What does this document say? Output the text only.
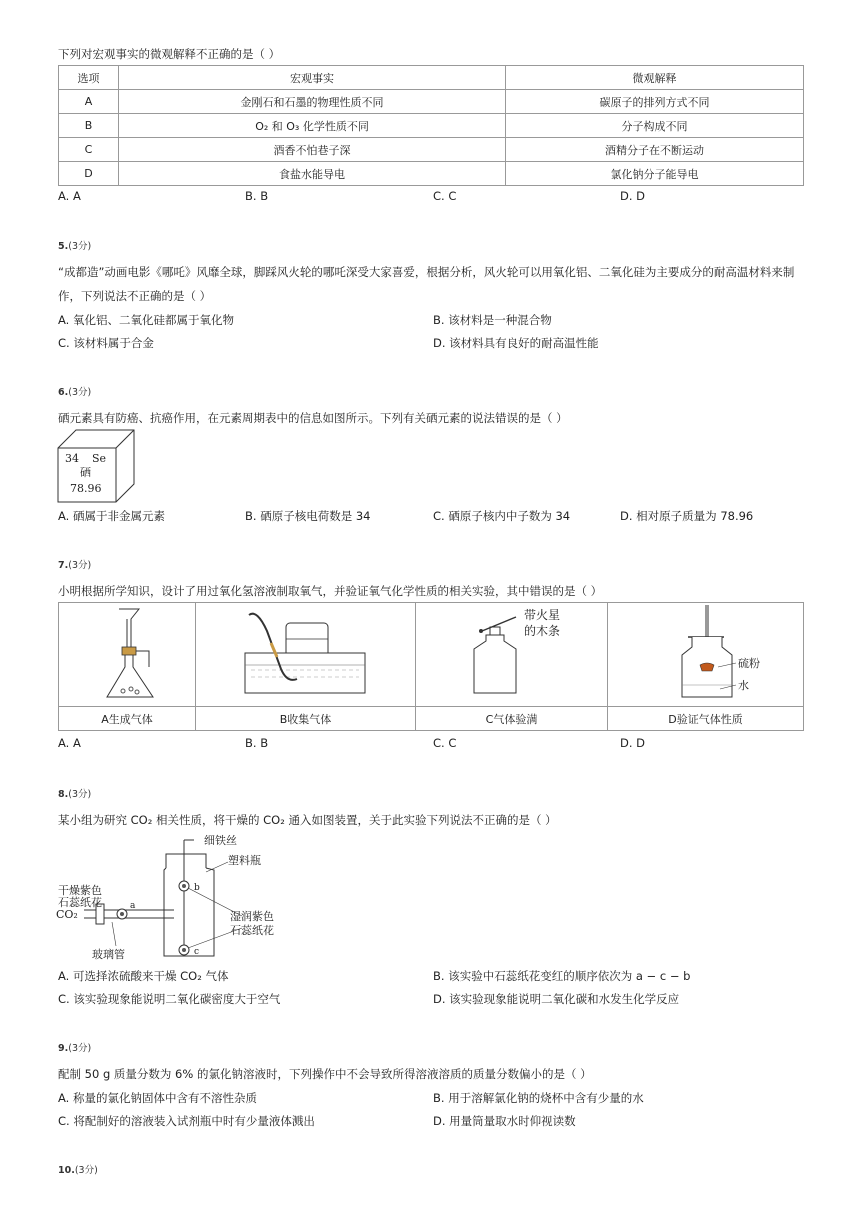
下列对宏观事实的微观解释不正确的是（ ）
选项	宏观事实	微观解释
A	金刚石和石墨的物理性质不同	碳原子的排列方式不同
B	O₂ 和 O₃ 化学性质不同	分子构成不同
C	酒香不怕巷子深	酒精分子在不断运动
D	食盐水能导电	氯化钠分子能导电
A. A	B. B	C. C	D. D
5.(3分)
“成都造”动画电影《哪吒》风靡全球，脚踩风火轮的哪吒深受大家喜爱，根据分析，风火轮可以用氧化铝、二氧化硅为主要成分的耐高温材料来制
作，下列说法不正确的是（ ）
A. 氧化铝、二氧化硅都属于氧化物	B. 该材料是一种混合物
C. 该材料属于合金	D. 该材料具有良好的耐高温性能
6.(3分)
硒元素具有防癌、抗癌作用，在元素周期表中的信息如图所示。下列有关硒元素的说法错误的是（ ）
34 Se
硒
78.96
A. 硒属于非金属元素	B. 硒原子核电荷数是 34	C. 硒原子核内中子数为 34	D. 相对原子质量为 78.96
7.(3分)
小明根据所学知识，设计了用过氧化氢溶液制取氧气，并验证氧气化学性质的相关实验，其中错误的是（ ）

带火星
的木条	硫粉
水

A生成气体	B收集气体	C气体验满	D验证气体性质
A. A	B. B	C. C	D. D
8.(3分)
某小组为研究 CO₂ 相关性质，将干燥的 CO₂ 通入如图装置，关于此实验下列说法不正确的是（ ）
细铁丝
b
c
塑料瓶
湿润紫色
石蕊纸花
a
CO₂
干燥紫色
石蕊纸花
玻璃管
A. 可选择浓硫酸来干燥 CO₂ 气体	B. 该实验中石蕊纸花变红的顺序依次为 a − c − b
C. 该实验现象能说明二氧化碳密度大于空气	D. 该实验现象能说明二氧化碳和水发生化学反应
9.(3分)
配制 50 g 质量分数为 6% 的氯化钠溶液时，下列操作中不会导致所得溶液溶质的质量分数偏小的是（ ）
A. 称量的氯化钠固体中含有不溶性杂质	B. 用于溶解氯化钠的烧杯中含有少量的水
C. 将配制好的溶液装入试剂瓶中时有少量液体溅出	D. 用量筒量取水时仰视读数
10.(3分)
